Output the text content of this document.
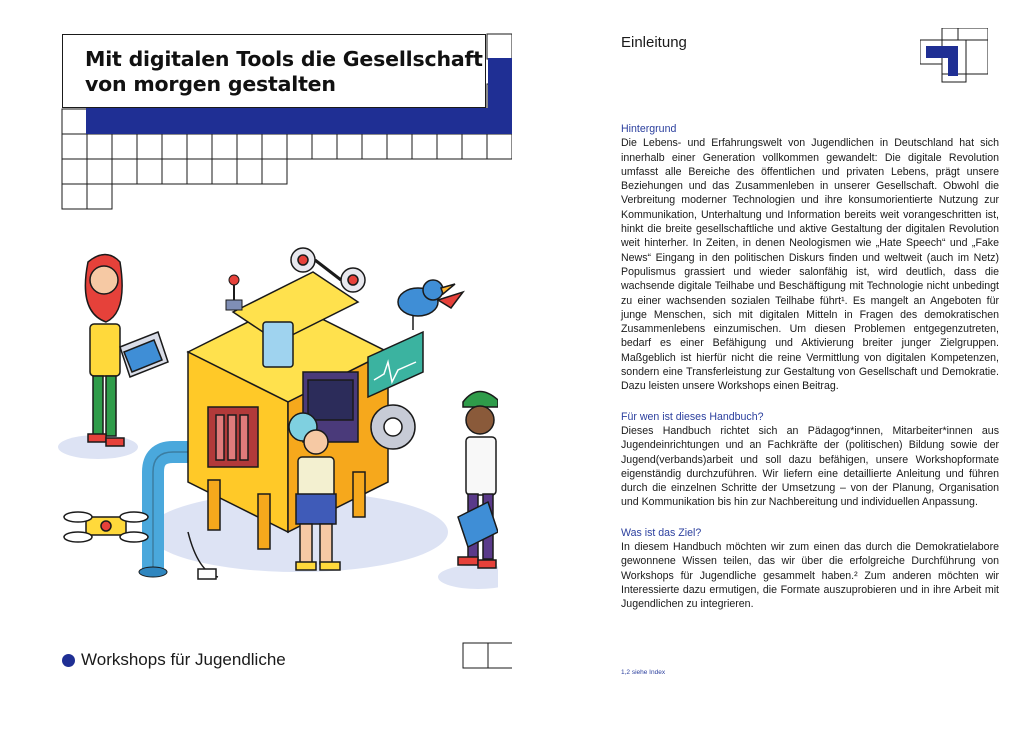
Mit digitalen Tools die Gesellschaft
von morgen gestalten
Workshops für Jugendliche
Einleitung

Hintergrund

Die Lebens- und Erfahrungswelt von Jugendlichen in Deutschland hat sich innerhalb einer Generation vollkommen gewandelt: Die digitale Revolution umfasst alle Bereiche des öffentlichen und privaten Lebens, prägt unsere Beziehungen und das Zusammenleben in unserer Gesellschaft. Obwohl die Verbreitung moderner Technologien und ihre konsumorientierte Nutzung zur Kommunikation, Unterhaltung und Information bereits weit vorangeschritten ist, hinkt die breite gesellschaftliche und aktive Gestaltung der digitalen Revolution weit hinterher. In Zeiten, in denen Neologismen wie „Hate Speech“ und „Fake News“ Eingang in den politischen Diskurs finden und weltweit (auch im Netz) Populismus grassiert und wieder salonfähig ist, wird deutlich, dass die wachsende digitale Teilhabe und Beschäftigung mit Technologie nicht unbedingt zu einer wachsenden sozialen Teilhabe führt¹. Es mangelt an Angeboten für junge Menschen, sich mit digitalen Mitteln in Fragen des demokratischen Zusammenlebens einzumischen. Um diesen Problemen entgegenzutreten, bedarf es einer Befähigung und Aktivierung breiter junger Zielgruppen. Maßgeblich ist hierfür nicht die reine Vermittlung von digitalen Kompetenzen, sondern eine Transferleistung zur Gestaltung von Gesellschaft und Demokratie. Dazu leisten unsere Workshops einen Beitrag.

Für wen ist dieses Handbuch?

Dieses Handbuch richtet sich an Pädagog*innen, Mitarbeiter*innen aus Jugendeinrichtungen und an Fachkräfte der (politischen) Bildung sowie der Jugend(verbands)arbeit und soll dazu befähigen, unsere Workshopformate eigenständig durchzuführen. Wir liefern eine detaillierte Anleitung und führen durch die einzelnen Schritte der Umsetzung – von der Planung, Organisation und Kommunikation bis hin zur Nachbereitung und individuellen Anpassung.

Was ist das Ziel?

In diesem Handbuch möchten wir zum einen das durch die Demokratielabore gewonnene Wissen teilen, das wir über die erfolgreiche Durchführung von Workshops für Jugendliche gesammelt haben.² Zum anderen möchten wir Interessierte dazu ermutigen, die Formate auszuprobieren und in ihre Arbeit mit Jugendlichen zu integrieren.

1,2 siehe Index
